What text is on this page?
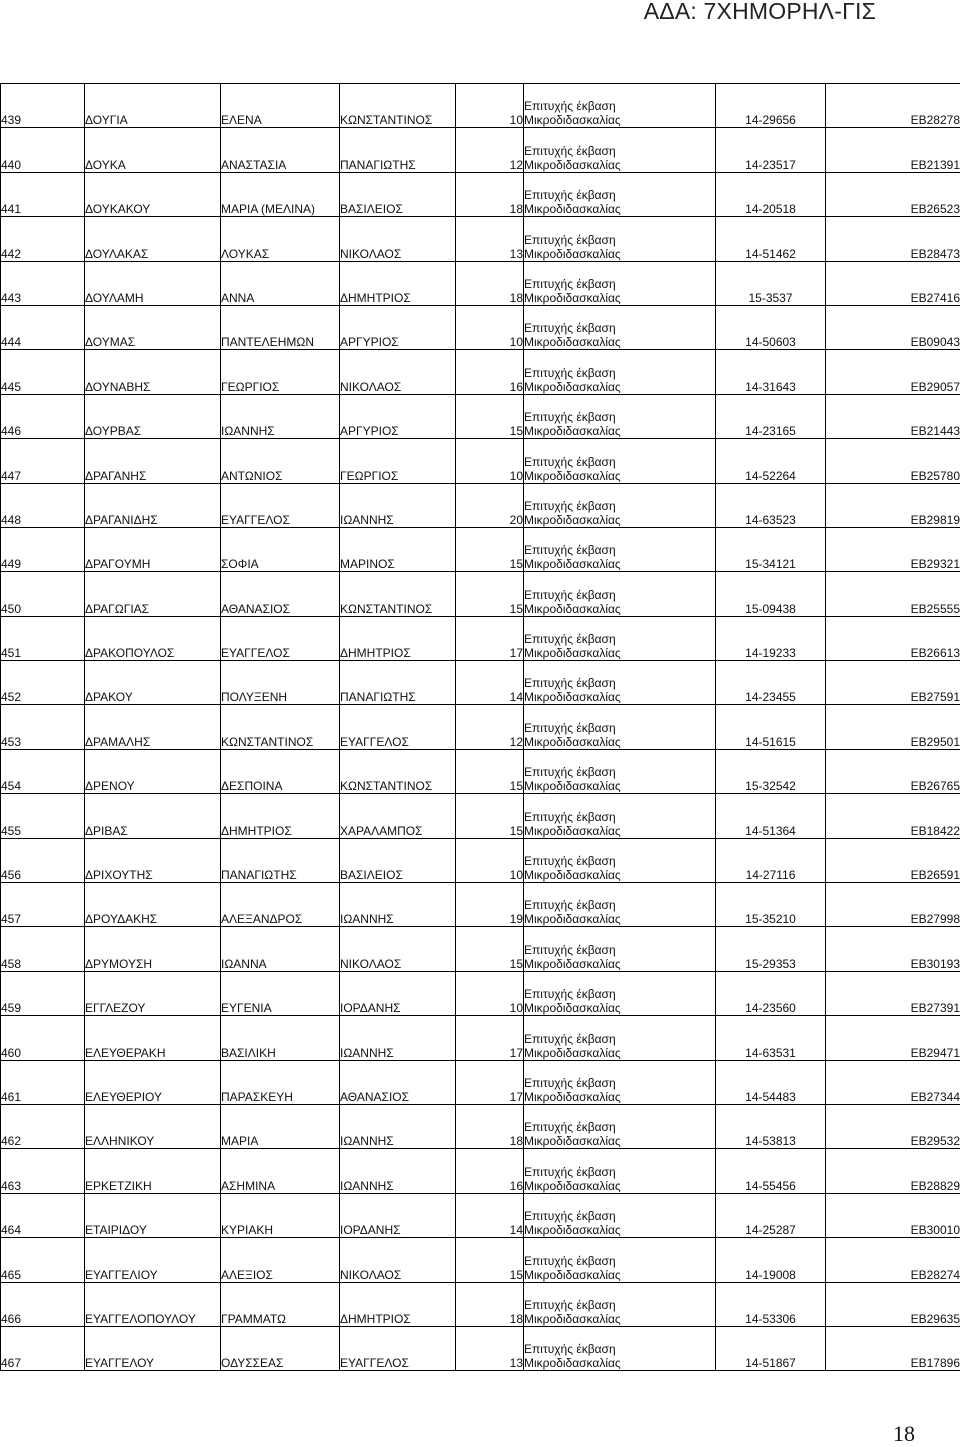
ΑΔΑ: 7ΧΗΜΟΡΗΛ-ΓΙΣ
439	ΔΟΥΓΙΑ	ΕΛΕΝΑ	ΚΩΝΣΤΑΝΤΙΝΟΣ	10	Επιτυχής έκβαση
Μικροδιδασκαλίας	14-29656	ΕΒ28278
440	ΔΟΥΚΑ	ΑΝΑΣΤΑΣΙΑ	ΠΑΝΑΓΙΩΤΗΣ	12	Επιτυχής έκβαση
Μικροδιδασκαλίας	14-23517	ΕΒ21391
441	ΔΟΥΚΑΚΟΥ	ΜΑΡΙΑ (ΜΕΛΙΝΑ)	ΒΑΣΙΛΕΙΟΣ	18	Επιτυχής έκβαση
Μικροδιδασκαλίας	14-20518	ΕΒ26523
442	ΔΟΥΛΑΚΑΣ	ΛΟΥΚΑΣ	ΝΙΚΟΛΑΟΣ	13	Επιτυχής έκβαση
Μικροδιδασκαλίας	14-51462	ΕΒ28473
443	ΔΟΥΛΑΜΗ	ΑΝΝΑ	ΔΗΜΗΤΡΙΟΣ	18	Επιτυχής έκβαση
Μικροδιδασκαλίας	15-3537	ΕΒ27416
444	ΔΟΥΜΑΣ	ΠΑΝΤΕΛΕΗΜΩΝ	ΑΡΓΥΡΙΟΣ	10	Επιτυχής έκβαση
Μικροδιδασκαλίας	14-50603	ΕΒ09043
445	ΔΟΥΝΑΒΗΣ	ΓΕΩΡΓΙΟΣ	ΝΙΚΟΛΑΟΣ	16	Επιτυχής έκβαση
Μικροδιδασκαλίας	14-31643	ΕΒ29057
446	ΔΟΥΡΒΑΣ	ΙΩΑΝΝΗΣ	ΑΡΓΥΡΙΟΣ	15	Επιτυχής έκβαση
Μικροδιδασκαλίας	14-23165	ΕΒ21443
447	ΔΡΑΓΑΝΗΣ	ΑΝΤΩΝΙΟΣ	ΓΕΩΡΓΙΟΣ	10	Επιτυχής έκβαση
Μικροδιδασκαλίας	14-52264	ΕΒ25780
448	ΔΡΑΓΑΝΙΔΗΣ	ΕΥΑΓΓΕΛΟΣ	ΙΩΑΝΝΗΣ	20	Επιτυχής έκβαση
Μικροδιδασκαλίας	14-63523	ΕΒ29819
449	ΔΡΑΓΟΥΜΗ	ΣΟΦΙΑ	ΜΑΡΙΝΟΣ	15	Επιτυχής έκβαση
Μικροδιδασκαλίας	15-34121	ΕΒ29321
450	ΔΡΑΓΩΓΙΑΣ	ΑΘΑΝΑΣΙΟΣ	ΚΩΝΣΤΑΝΤΙΝΟΣ	15	Επιτυχής έκβαση
Μικροδιδασκαλίας	15-09438	ΕΒ25555
451	ΔΡΑΚΟΠΟΥΛΟΣ	ΕΥΑΓΓΕΛΟΣ	ΔΗΜΗΤΡΙΟΣ	17	Επιτυχής έκβαση
Μικροδιδασκαλίας	14-19233	ΕΒ26613
452	ΔΡΑΚΟΥ	ΠΟΛΥΞΕΝΗ	ΠΑΝΑΓΙΩΤΗΣ	14	Επιτυχής έκβαση
Μικροδιδασκαλίας	14-23455	ΕΒ27591
453	ΔΡΑΜΑΛΗΣ	ΚΩΝΣΤΑΝΤΙΝΟΣ	ΕΥΑΓΓΕΛΟΣ	12	Επιτυχής έκβαση
Μικροδιδασκαλίας	14-51615	ΕΒ29501
454	ΔΡΕΝΟΥ	ΔΕΣΠΟΙΝΑ	ΚΩΝΣΤΑΝΤΙΝΟΣ	15	Επιτυχής έκβαση
Μικροδιδασκαλίας	15-32542	ΕΒ26765
455	ΔΡΙΒΑΣ	ΔΗΜΗΤΡΙΟΣ	ΧΑΡΑΛΑΜΠΟΣ	15	Επιτυχής έκβαση
Μικροδιδασκαλίας	14-51364	ΕΒ18422
456	ΔΡΙΧΟΥΤΗΣ	ΠΑΝΑΓΙΩΤΗΣ	ΒΑΣΙΛΕΙΟΣ	10	Επιτυχής έκβαση
Μικροδιδασκαλίας	14-27116	ΕΒ26591
457	ΔΡΟΥΔΑΚΗΣ	ΑΛΕΞΑΝΔΡΟΣ	ΙΩΑΝΝΗΣ	19	Επιτυχής έκβαση
Μικροδιδασκαλίας	15-35210	ΕΒ27998
458	ΔΡΥΜΟΥΣΗ	ΙΩΑΝΝΑ	ΝΙΚΟΛΑΟΣ	15	Επιτυχής έκβαση
Μικροδιδασκαλίας	15-29353	ΕΒ30193
459	ΕΓΓΛΕΖΟΥ	ΕΥΓΕΝΙΑ	ΙΟΡΔΑΝΗΣ	10	Επιτυχής έκβαση
Μικροδιδασκαλίας	14-23560	ΕΒ27391
460	ΕΛΕΥΘΕΡΑΚΗ	ΒΑΣΙΛΙΚΗ	ΙΩΑΝΝΗΣ	17	Επιτυχής έκβαση
Μικροδιδασκαλίας	14-63531	ΕΒ29471
461	ΕΛΕΥΘΕΡΙΟΥ	ΠΑΡΑΣΚΕΥΗ	ΑΘΑΝΑΣΙΟΣ	17	Επιτυχής έκβαση
Μικροδιδασκαλίας	14-54483	ΕΒ27344
462	ΕΛΛΗΝΙΚΟΥ	ΜΑΡΙΑ	ΙΩΑΝΝΗΣ	18	Επιτυχής έκβαση
Μικροδιδασκαλίας	14-53813	ΕΒ29532
463	ΕΡΚΕΤΖΙΚΗ	ΑΣΗΜΙΝΑ	ΙΩΑΝΝΗΣ	16	Επιτυχής έκβαση
Μικροδιδασκαλίας	14-55456	ΕΒ28829
464	ΕΤΑΙΡΙΔΟΥ	ΚΥΡΙΑΚΗ	ΙΟΡΔΑΝΗΣ	14	Επιτυχής έκβαση
Μικροδιδασκαλίας	14-25287	ΕΒ30010
465	ΕΥΑΓΓΕΛΙΟΥ	ΑΛΕΞΙΟΣ	ΝΙΚΟΛΑΟΣ	15	Επιτυχής έκβαση
Μικροδιδασκαλίας	14-19008	ΕΒ28274
466	ΕΥΑΓΓΕΛΟΠΟΥΛΟΥ	ΓΡΑΜΜΑΤΩ	ΔΗΜΗΤΡΙΟΣ	18	Επιτυχής έκβαση
Μικροδιδασκαλίας	14-53306	ΕΒ29635
467	ΕΥΑΓΓΕΛΟΥ	ΟΔΥΣΣΕΑΣ	ΕΥΑΓΓΕΛΟΣ	13	Επιτυχής έκβαση
Μικροδιδασκαλίας	14-51867	ΕΒ17896
18
